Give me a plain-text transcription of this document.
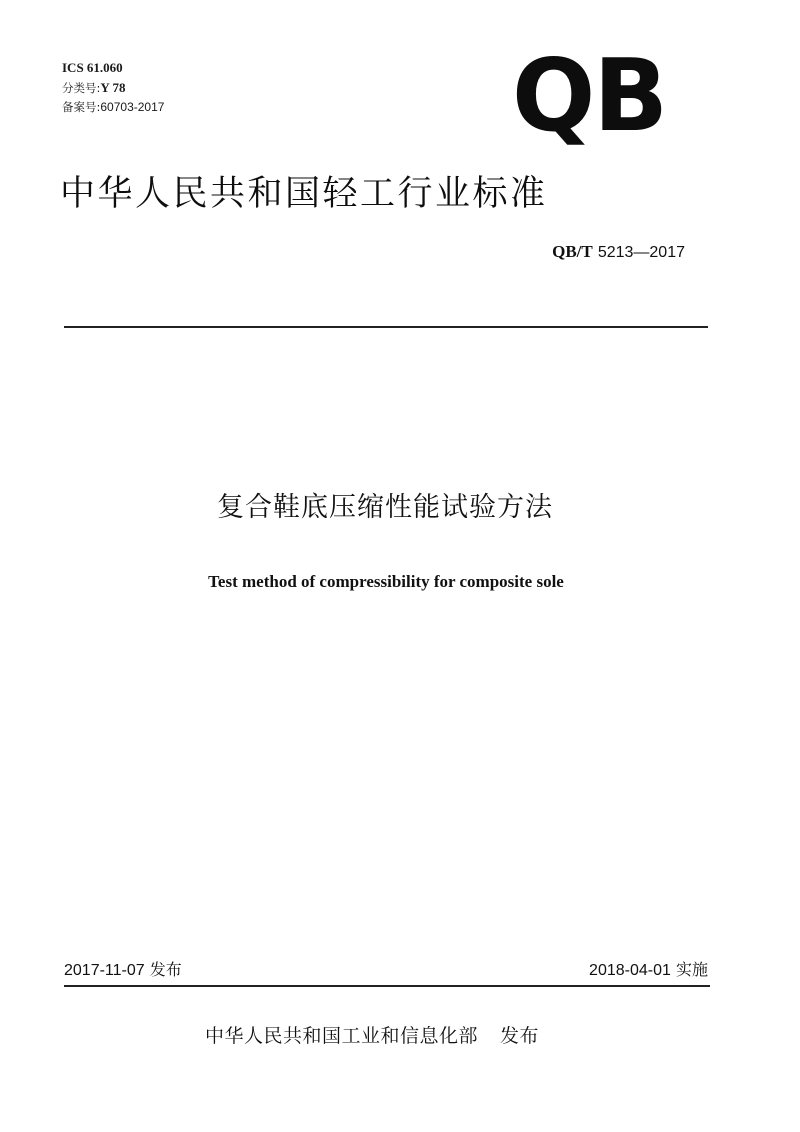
ICS 61.060
分类号:Y 78
备案号:60703-2017	QB
中华人民共和国轻工行业标准
QB/T 5213—2017
复合鞋底压缩性能试验方法
Test method of compressibility for composite sole
2017-11-07 发布	2018-04-01 实施
中华人民共和国工业和信息化部 发布
